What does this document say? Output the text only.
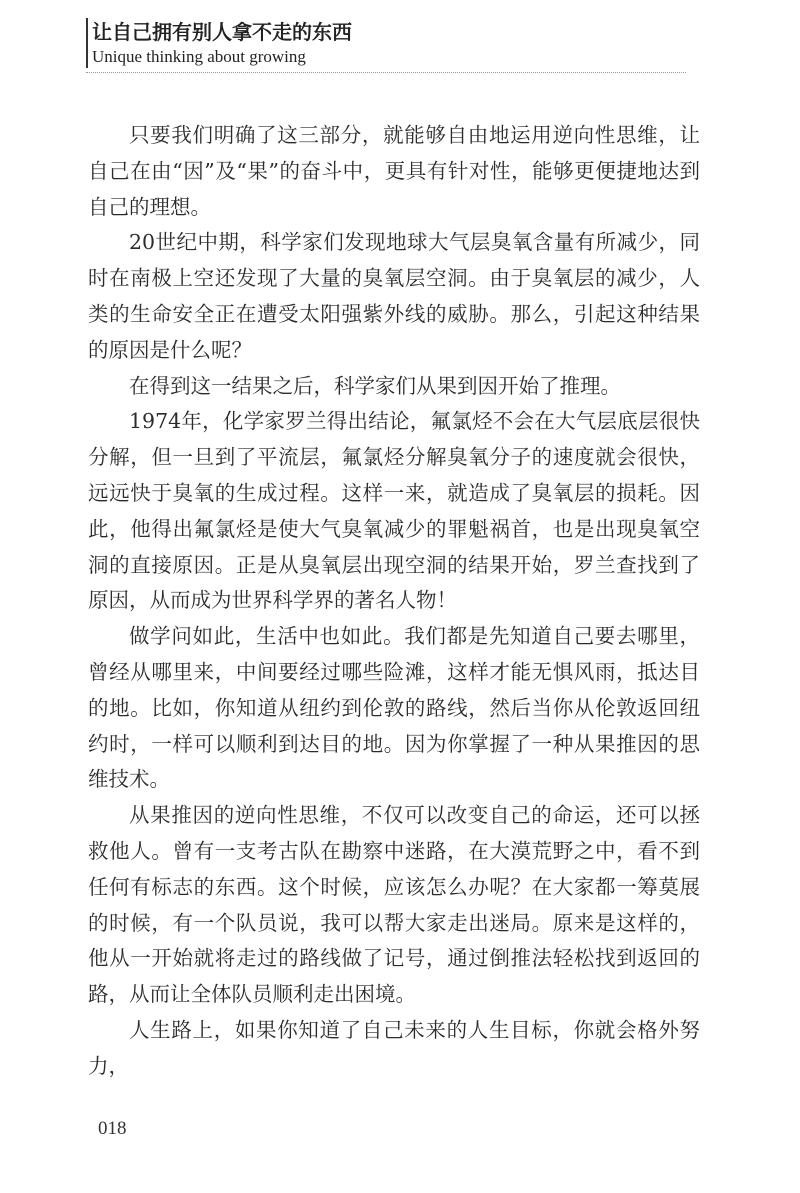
让自己拥有别人拿不走的东西
Unique thinking about growing

只要我们明确了这三部分，就能够自由地运用逆向性思维，让自己在由“因”及“果”的奋斗中，更具有针对性，能够更便捷地达到自己的理想。

20世纪中期，科学家们发现地球大气层臭氧含量有所减少，同时在南极上空还发现了大量的臭氧层空洞。由于臭氧层的减少，人类的生命安全正在遭受太阳强紫外线的威胁。那么，引起这种结果的原因是什么呢？

在得到这一结果之后，科学家们从果到因开始了推理。

1974年，化学家罗兰得出结论，氟氯烃不会在大气层底层很快分解，但一旦到了平流层，氟氯烃分解臭氧分子的速度就会很快，远远快于臭氧的生成过程。这样一来，就造成了臭氧层的损耗。因此，他得出氟氯烃是使大气臭氧减少的罪魁祸首，也是出现臭氧空洞的直接原因。正是从臭氧层出现空洞的结果开始，罗兰查找到了原因，从而成为世界科学界的著名人物！

做学问如此，生活中也如此。我们都是先知道自己要去哪里，曾经从哪里来，中间要经过哪些险滩，这样才能无惧风雨，抵达目的地。比如，你知道从纽约到伦敦的路线，然后当你从伦敦返回纽约时，一样可以顺利到达目的地。因为你掌握了一种从果推因的思维技术。

从果推因的逆向性思维，不仅可以改变自己的命运，还可以拯救他人。曾有一支考古队在勘察中迷路，在大漠荒野之中，看不到任何有标志的东西。这个时候，应该怎么办呢？在大家都一筹莫展的时候，有一个队员说，我可以帮大家走出迷局。原来是这样的，他从一开始就将走过的路线做了记号，通过倒推法轻松找到返回的路，从而让全体队员顺利走出困境。

人生路上，如果你知道了自己未来的人生目标，你就会格外努力，

018
